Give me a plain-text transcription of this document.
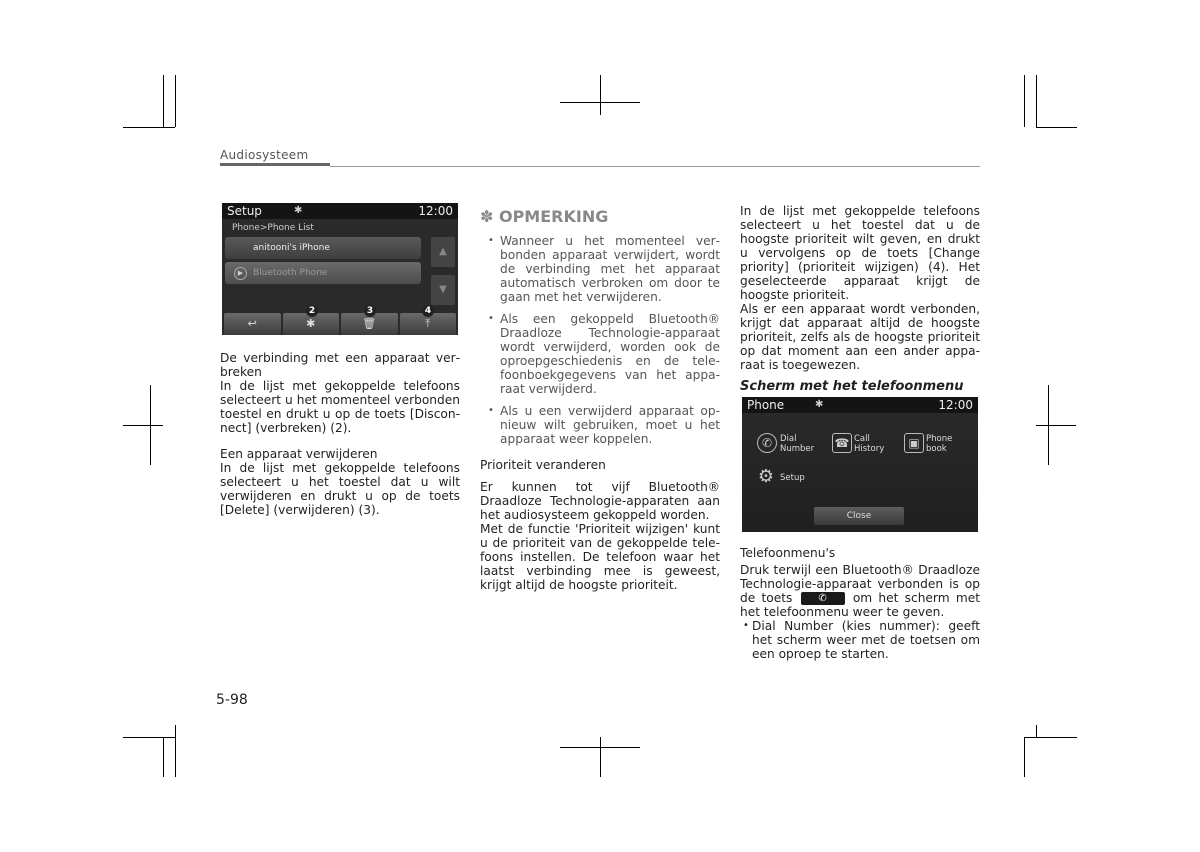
Audiosysteem
Setup	✱	12:00
Phone>Phone List
anitooni's iPhone
▶	Bluetooth Phone
▲
▼
↩	✱	🗑	⤒
2	3	4

De verbinding met een apparaat verbreken

In de lijst met gekoppelde telefoons selecteert u het momenteel verbonden toestel en drukt u op de toets [Disconnect] (verbreken) (2).

Een apparaat verwijderen

In de lijst met gekoppelde telefoons selecteert u het toestel dat u wilt verwijderen en drukt u op de toets [Delete] (verwijderen) (3).

✽ OPMERKING
• Wanneer u het momenteel verbonden apparaat verwijdert, wordt de verbinding met het apparaat automatisch verbroken om door te gaan met het verwijderen.
• Als een gekoppeld Bluetooth® Draadloze Technologie-apparaat wordt verwijderd, worden ook de oproepgeschiedenis en de telefoonboekgegevens van het apparaat verwijderd.
• Als u een verwijderd apparaat opnieuw wilt gebruiken, moet u het apparaat weer koppelen.

Prioriteit veranderen

Er kunnen tot vijf Bluetooth® Draadloze Technologie-apparaten aan het audiosysteem gekoppeld worden.

Met de functie 'Prioriteit wijzigen' kunt u de prioriteit van de gekoppelde telefoons instellen. De telefoon waar het laatst verbinding mee is geweest, krijgt altijd de hoogste prioriteit.

In de lijst met gekoppelde telefoons selecteert u het toestel dat u de hoogste prioriteit wilt geven, en drukt u vervolgens op de toets [Change priority] (prioriteit wijzigen) (4). Het geselecteerde apparaat krijgt de hoogste prioriteit.

Als er een apparaat wordt verbonden, krijgt dat apparaat altijd de hoogste prioriteit, zelfs als de hoogste prioriteit op dat moment aan een ander apparaat is toegewezen.

Scherm met het telefoonmenu

Phone	✱	12:00
✆ Dial
Number ☎ Call
History	▣ Phone
book
⚙ Setup
Close

Telefoonmenu's

Druk terwijl een Bluetooth® Draadloze Technologie-apparaat verbonden is op de toets	✆ om het scherm met het telefoonmenu weer te geven.

• Dial Number (kies nummer): geeft het scherm weer met de toetsen om een oproep te starten.
5-98
